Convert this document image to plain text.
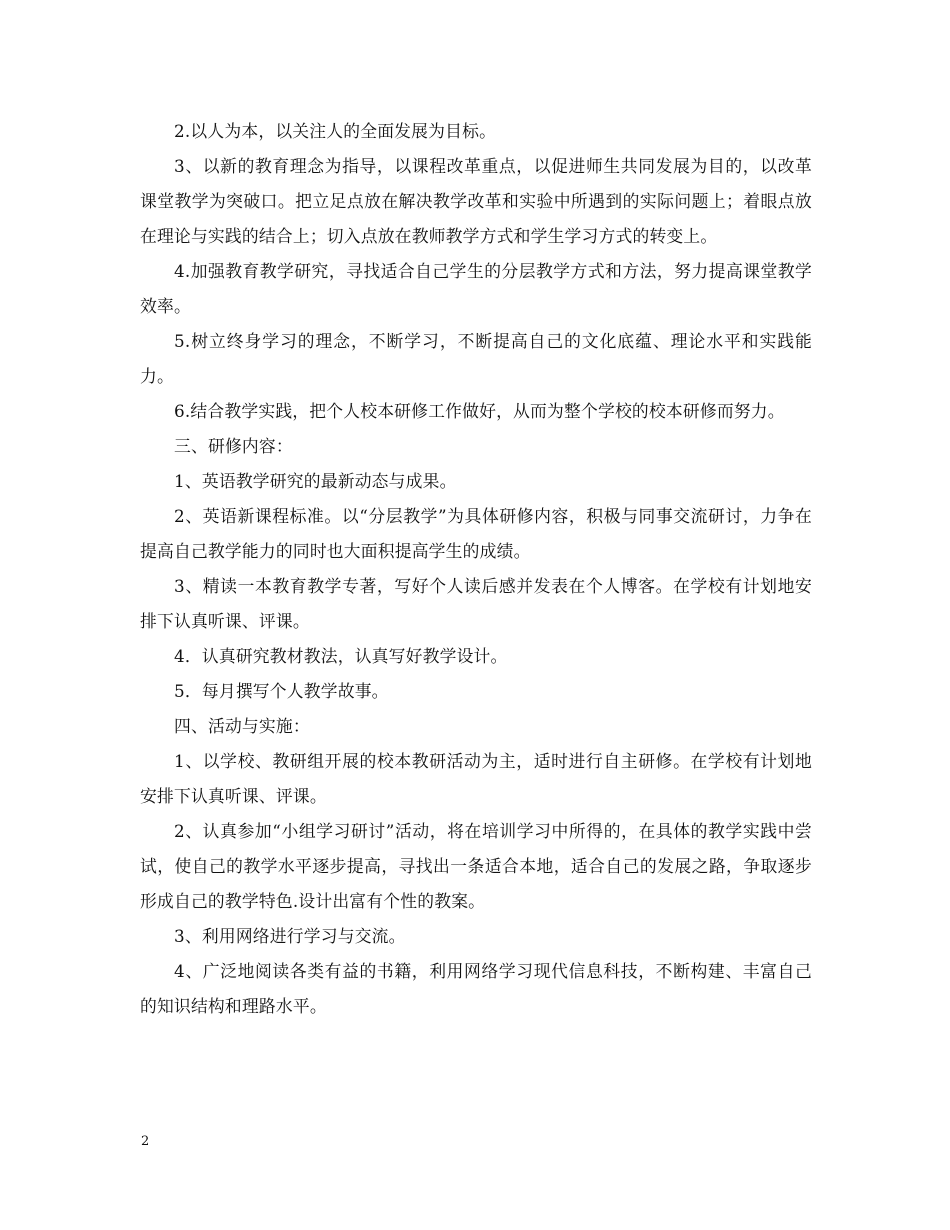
2.以人为本，以关注人的全面发展为目标。

3、以新的教育理念为指导，以课程改革重点，以促进师生共同发展为目的，以改革课堂教学为突破口。把立足点放在解决教学改革和实验中所遇到的实际问题上；着眼点放在理论与实践的结合上；切入点放在教师教学方式和学生学习方式的转变上。

4.加强教育教学研究，寻找适合自己学生的分层教学方式和方法，努力提高课堂教学效率。

5.树立终身学习的理念，不断学习，不断提高自己的文化底蕴、理论水平和实践能力。

6.结合教学实践，把个人校本研修工作做好，从而为整个学校的校本研修而努力。

三、研修内容：

1、英语教学研究的最新动态与成果。

2、英语新课程标准。以“分层教学”为具体研修内容，积极与同事交流研讨，力争在提高自己教学能力的同时也大面积提高学生的成绩。

3、精读一本教育教学专著，写好个人读后感并发表在个人博客。在学校有计划地安排下认真听课、评课。

4．认真研究教材教法，认真写好教学设计。

5．每月撰写个人教学故事。

四、活动与实施：

1、以学校、教研组开展的校本教研活动为主，适时进行自主研修。在学校有计划地安排下认真听课、评课。

2、认真参加“小组学习研讨”活动，将在培训学习中所得的，在具体的教学实践中尝试，使自己的教学水平逐步提高，寻找出一条适合本地，适合自己的发展之路，争取逐步形成自己的教学特色.设计出富有个性的教案。

3、利用网络进行学习与交流。

4、广泛地阅读各类有益的书籍，利用网络学习现代信息科技，不断构建、丰富自己的知识结构和理路水平。

2
